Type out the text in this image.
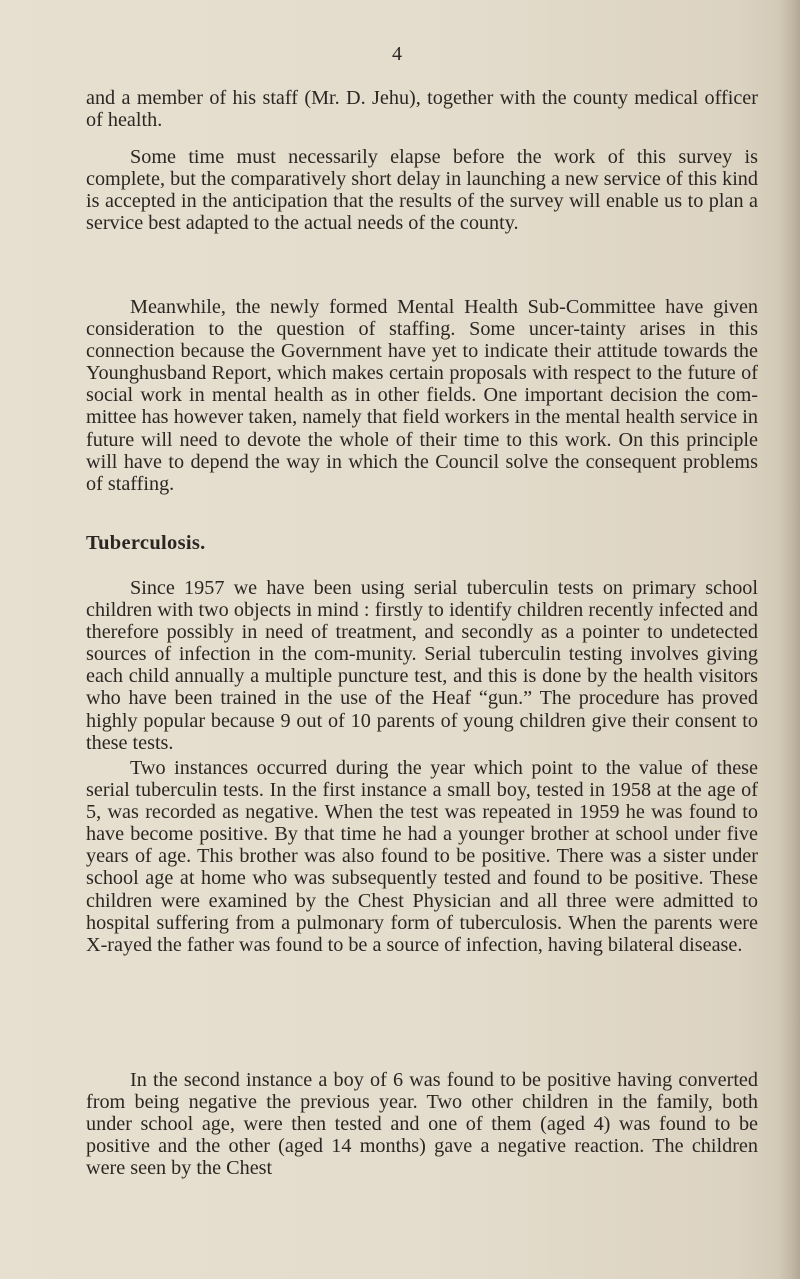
4

and a member of his staff (Mr. D. Jehu), together with the county medical officer of health.

Some time must necessarily elapse before the work of this survey is complete, but the comparatively short delay in launching a new service of this kind is accepted in the anticipation that the results of the survey will enable us to plan a service best adapted to the actual needs of the county.

Meanwhile, the newly formed Mental Health Sub-Committee have given consideration to the question of staffing. Some uncer-tainty arises in this connection because the Government have yet to indicate their attitude towards the Younghusband Report, which makes certain proposals with respect to the future of social work in mental health as in other fields. One important decision the com-mittee has however taken, namely that field workers in the mental health service in future will need to devote the whole of their time to this work. On this principle will have to depend the way in which the Council solve the consequent problems of staffing.

Tuberculosis.

Since 1957 we have been using serial tuberculin tests on primary school children with two objects in mind : firstly to identify children recently infected and therefore possibly in need of treatment, and secondly as a pointer to undetected sources of infection in the com-munity. Serial tuberculin testing involves giving each child annually a multiple puncture test, and this is done by the health visitors who have been trained in the use of the Heaf “gun.” The procedure has proved highly popular because 9 out of 10 parents of young children give their consent to these tests.

Two instances occurred during the year which point to the value of these serial tuberculin tests. In the first instance a small boy, tested in 1958 at the age of 5, was recorded as negative. When the test was repeated in 1959 he was found to have become positive. By that time he had a younger brother at school under five years of age. This brother was also found to be positive. There was a sister under school age at home who was subsequently tested and found to be positive. These children were examined by the Chest Physician and all three were admitted to hospital suffering from a pulmonary form of tuberculosis. When the parents were X-rayed the father was found to be a source of infection, having bilateral disease.

In the second instance a boy of 6 was found to be positive having converted from being negative the previous year. Two other children in the family, both under school age, were then tested and one of them (aged 4) was found to be positive and the other (aged 14 months) gave a negative reaction. The children were seen by the Chest
